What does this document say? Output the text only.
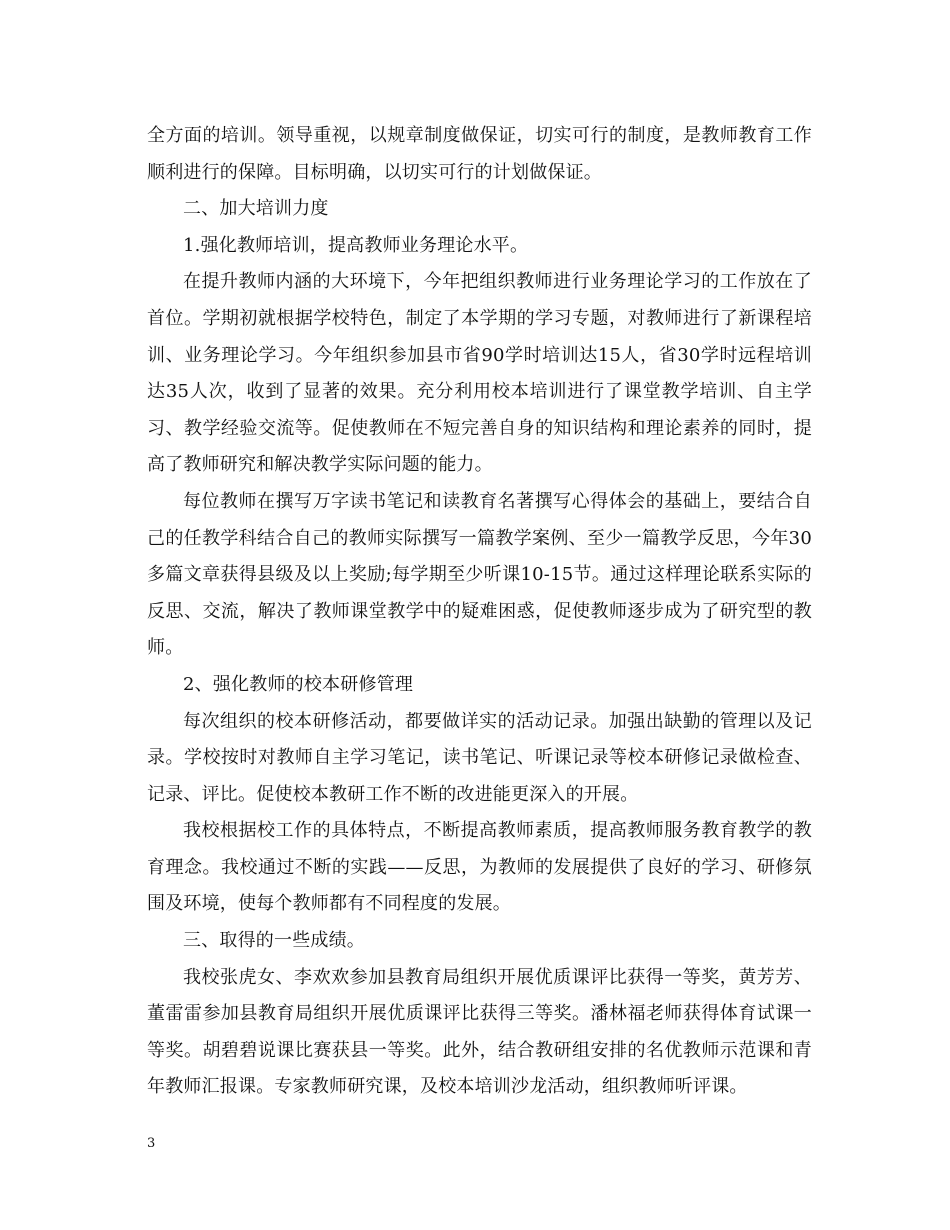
全方面的培训。领导重视，以规章制度做保证，切实可行的制度，是教师教育工作顺利进行的保障。目标明确，以切实可行的计划做保证。

二、加大培训力度

1.强化教师培训，提高教师业务理论水平。

在提升教师内涵的大环境下，今年把组织教师进行业务理论学习的工作放在了首位。学期初就根据学校特色，制定了本学期的学习专题，对教师进行了新课程培训、业务理论学习。今年组织参加县市省90学时培训达15人，省30学时远程培训达35人次，收到了显著的效果。充分利用校本培训进行了课堂教学培训、自主学习、教学经验交流等。促使教师在不短完善自身的知识结构和理论素养的同时，提高了教师研究和解决教学实际问题的能力。

每位教师在撰写万字读书笔记和读教育名著撰写心得体会的基础上，要结合自己的任教学科结合自己的教师实际撰写一篇教学案例、至少一篇教学反思，今年30多篇文章获得县级及以上奖励;每学期至少听课10-15节。通过这样理论联系实际的反思、交流，解决了教师课堂教学中的疑难困惑，促使教师逐步成为了研究型的教师。

2、强化教师的校本研修管理

每次组织的校本研修活动，都要做详实的活动记录。加强出缺勤的管理以及记录。学校按时对教师自主学习笔记，读书笔记、听课记录等校本研修记录做检查、记录、评比。促使校本教研工作不断的改进能更深入的开展。

我校根据校工作的具体特点，不断提高教师素质，提高教师服务教育教学的教育理念。我校通过不断的实践——反思，为教师的发展提供了良好的学习、研修氛围及环境，使每个教师都有不同程度的发展。

三、取得的一些成绩。

我校张虎女、李欢欢参加县教育局组织开展优质课评比获得一等奖，黄芳芳、董雷雷参加县教育局组织开展优质课评比获得三等奖。潘林福老师获得体育试课一等奖。胡碧碧说课比赛获县一等奖。此外，结合教研组安排的名优教师示范课和青年教师汇报课。专家教师研究课，及校本培训沙龙活动，组织教师听评课。

3
